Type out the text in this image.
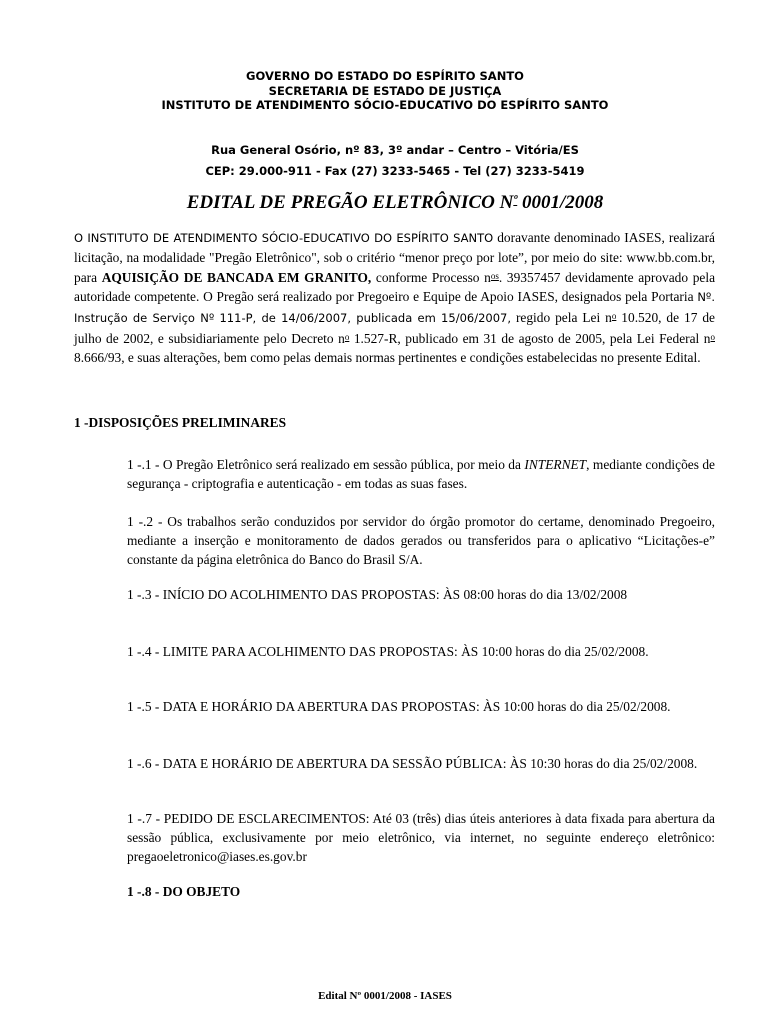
GOVERNO DO ESTADO DO ESPÍRITO SANTO
SECRETARIA DE ESTADO DE JUSTIÇA
INSTITUTO DE ATENDIMENTO SÓCIO-EDUCATIVO DO ESPÍRITO SANTO
Rua General Osório, nº 83, 3º andar – Centro – Vitória/ES
CEP: 29.000-911 - Fax (27) 3233-5465 - Tel (27) 3233-5419
EDITAL DE PREGÃO ELETRÔNICO $N^º$ 0001/2008
O INSTITUTO DE ATENDIMENTO SÓCIO-EDUCATIVO DO ESPÍRITO SANTO doravante denominado IASES, realizará licitação, na modalidade "Pregão Eletrônico", sob o critério “menor preço por lote”, por meio do site: www.bb.com.br, para AQUISIÇÃO DE BANCADA EM GRANITO, conforme Processo $n^{os}$. 39357457 devidamente aprovado pela autoridade competente. O Pregão será realizado por Pregoeiro e Equipe de Apoio IASES, designados pela Portaria Nº. Instrução de Serviço Nº 111-P, de 14/06/2007, publicada em 15/06/2007, regido pela Lei $n^o$ 10.520, de 17 de julho de 2002, e subsidiariamente pelo Decreto $n^o$ 1.527-R, publicado em 31 de agosto de 2005, pela Lei Federal $n^o$ 8.666/93, e suas alterações, bem como pelas demais normas pertinentes e condições estabelecidas no presente Edital.
1 -DISPOSIÇÕES PRELIMINARES
1 -.1 - O Pregão Eletrônico será realizado em sessão pública, por meio da INTERNET, mediante condições de segurança - criptografia e autenticação - em todas as suas fases.
1 -.2 - Os trabalhos serão conduzidos por servidor do órgão promotor do certame, denominado Pregoeiro, mediante a inserção e monitoramento de dados gerados ou transferidos para o aplicativo “Licitações-e” constante da página eletrônica do Banco do Brasil S/A.
1 -.3 - INÍCIO DO ACOLHIMENTO DAS PROPOSTAS: ÀS 08:00 horas do dia 13/02/2008
1 -.4 - LIMITE PARA ACOLHIMENTO DAS PROPOSTAS: ÀS 10:00 horas do dia 25/02/2008.
1 -.5 - DATA E HORÁRIO DA ABERTURA DAS PROPOSTAS: ÀS 10:00 horas do dia 25/02/2008.
1 -.6 - DATA E HORÁRIO DE ABERTURA DA SESSÃO PÚBLICA: ÀS 10:30 horas do dia 25/02/2008.
1 -.7 - PEDIDO DE ESCLARECIMENTOS: Até 03 (três) dias úteis anteriores à data fixada para abertura da sessão pública, exclusivamente por meio eletrônico, via internet, no seguinte endereço eletrônico: pregaoeletronico@iases.es.gov.br
1 -.8 - DO OBJETO
Edital Nº 0001/2008 - IASES
